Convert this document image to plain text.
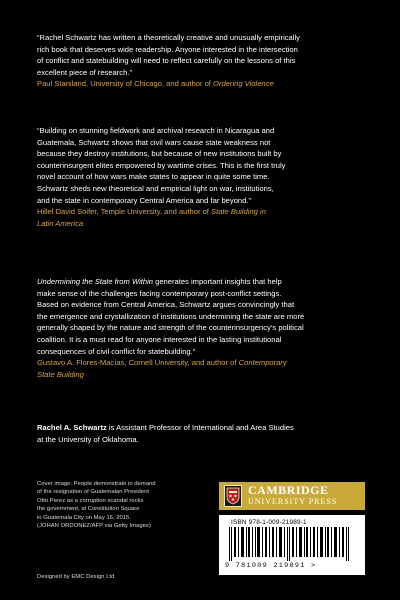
“Rachel Schwartz has written a theoretically creative and unusually empirically
rich book that deserves wide readership. Anyone interested in the intersection
of conflict and statebuilding will need to reflect carefully on the lessons of this
excellent piece of research.”

Paul Staniland, University of Chicago, and author of Ordering Violence

“Building on stunning fieldwork and archival research in Nicaragua and
Guatemala, Schwartz shows that civil wars cause state weakness not
because they destroy institutions, but because of new institutions built by
counterinsurgent elites empowered by wartime crises. This is the first truly
novel account of how wars make states to appear in quite some time.
Schwartz sheds new theoretical and empirical light on war, institutions,
and the state in contemporary Central America and far beyond.”

Hillel David Soifer, Temple University, and author of State Building in
Latin America

Undermining the State from Within generates important insights that help
make sense of the challenges facing contemporary post-conflict settings.
Based on evidence from Central America, Schwartz argues convincingly that
the emergence and crystallization of institutions undermining the state are more
generally shaped by the nature and strength of the counterinsurgency’s political
coalition. It is a must read for anyone interested in the lasting institutional
consequences of civil conflict for statebuilding.”

Gustavo A. Flores-Macías, Cornell University, and author of Contemporary
State Building

Rachel A. Schwartz is Assistant Professor of International and Area Studies
at the University of Oklahoma.

Cover image: People demonstrate in demand
of the resignation of Guatemalan President
Otto Perez as a corruption scandal rocks
the government, at Constitution Square
in Guatemala City on May 16, 2015.
(JOHAN ORDONEZ/AFP via Getty Images)
Designed by EMC Design Ltd
CAMBRIDGE
UNIVERSITY PRESS
ISBN 978-1-009-21989-1
9 781009 219891 >
